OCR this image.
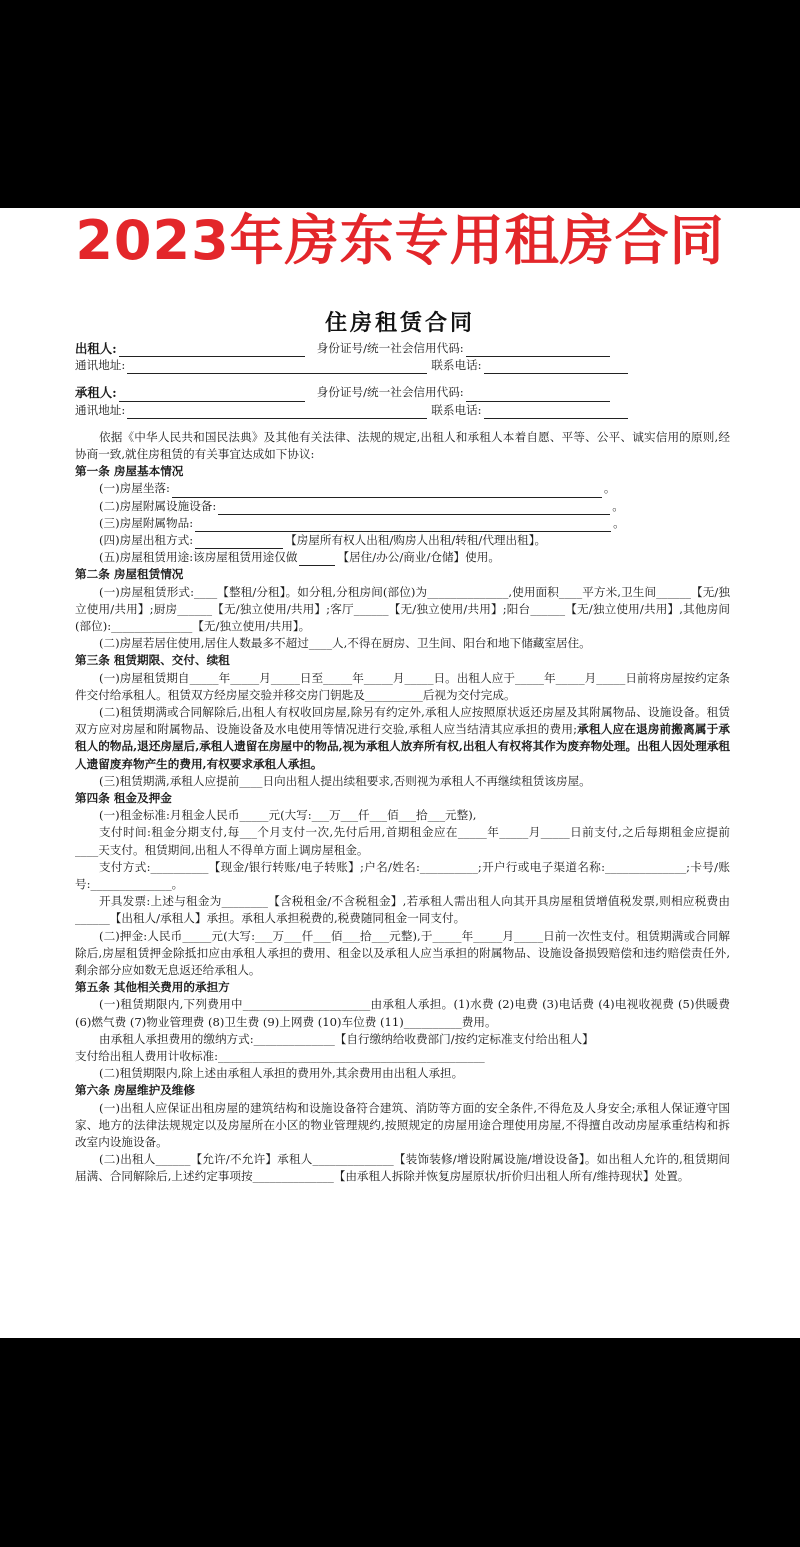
2023年房东专用租房合同
住房租赁合同
出租人:	身份证号/统一社会信用代码:
通讯地址:	联系电话:
承租人:	身份证号/统一社会信用代码:
通讯地址:	联系电话:

依据《中华人民共和国民法典》及其他有关法律、法规的规定,出租人和承租人本着自愿、平等、公平、诚实信用的原则,经协商一致,就住房租赁的有关事宜达成如下协议:

第一条 房屋基本情况

(一)房屋坐落:	。
(二)房屋附属设施设备:	。
(三)房屋附属物品:	。
(四)房屋出租方式:	【房屋所有权人出租/购房人出租/转租/代理出租】。
(五)房屋租赁用途:该房屋租赁用途仅做	【居住/办公/商业/仓储】使用。

第二条 房屋租赁情况

(一)房屋租赁形式:____【整租/分租】。如分租,分租房间(部位)为______________,使用面积____平方米,卫生间______【无/独立使用/共用】;厨房______【无/独立使用/共用】;客厅______【无/独立使用/共用】;阳台______【无/独立使用/共用】,其他房间(部位):______________【无/独立使用/共用】。

(二)房屋若居住使用,居住人数最多不超过____人,不得在厨房、卫生间、阳台和地下储藏室居住。

第三条 租赁期限、交付、续租

(一)房屋租赁期自_____年_____月_____日至_____年_____月_____日。出租人应于_____年_____月_____日前将房屋按约定条件交付给承租人。租赁双方经房屋交验并移交房门钥匙及__________后视为交付完成。

(二)租赁期满或合同解除后,出租人有权收回房屋,除另有约定外,承租人应按照原状返还房屋及其附属物品、设施设备。租赁双方应对房屋和附属物品、设施设备及水电使用等情况进行交验,承租人应当结清其应承担的费用;承租人应在退房前搬离属于承租人的物品,退还房屋后,承租人遗留在房屋中的物品,视为承租人放弃所有权,出租人有权将其作为废弃物处理。出租人因处理承租人遗留废弃物产生的费用,有权要求承租人承担。

(三)租赁期满,承租人应提前____日向出租人提出续租要求,否则视为承租人不再继续租赁该房屋。

第四条 租金及押金

(一)租金标准:月租金人民币_____元(大写:___万___仟___佰___拾___元整),

支付时间:租金分期支付,每___个月支付一次,先付后用,首期租金应在_____年_____月_____日前支付,之后每期租金应提前____天支付。租赁期间,出租人不得单方面上调房屋租金。

支付方式:__________【现金/银行转账/电子转账】;户名/姓名:__________;开户行或电子渠道名称:______________;卡号/账号:______________。

开具发票:上述与租金为________【含税租金/不含税租金】,若承租人需出租人向其开具房屋租赁增值税发票,则相应税费由______【出租人/承租人】承担。承租人承担税费的,税费随同租金一同支付。

(二)押金:人民币_____元(大写:___万___仟___佰___拾___元整),于_____年_____月_____日前一次性支付。租赁期满或合同解除后,房屋租赁押金除抵扣应由承租人承担的费用、租金以及承租人应当承担的附属物品、设施设备损毁赔偿和违约赔偿责任外,剩余部分应如数无息返还给承租人。

第五条 其他相关费用的承担方

(一)租赁期限内,下列费用中______________________由承租人承担。(1)水费 (2)电费 (3)电话费 (4)电视收视费 (5)供暖费 (6)燃气费 (7)物业管理费 (8)卫生费 (9)上网费 (10)车位费 (11)__________费用。

由承租人承担费用的缴纳方式:______________【自行缴纳给收费部门/按约定标准支付给出租人】

支付给出租人费用计收标准:______________________________________________

(二)租赁期限内,除上述由承租人承担的费用外,其余费用由出租人承担。

第六条 房屋维护及维修

(一)出租人应保证出租房屋的建筑结构和设施设备符合建筑、消防等方面的安全条件,不得危及人身安全;承租人保证遵守国家、地方的法律法规规定以及房屋所在小区的物业管理规约,按照规定的房屋用途合理使用房屋,不得擅自改动房屋承重结构和拆改室内设施设备。

(二)出租人______【允许/不允许】承租人______________【装饰装修/增设附属设施/增设设备】。如出租人允许的,租赁期间届满、合同解除后,上述约定事项按______________【由承租人拆除并恢复房屋原状/折价归出租人所有/维持现状】处置。
